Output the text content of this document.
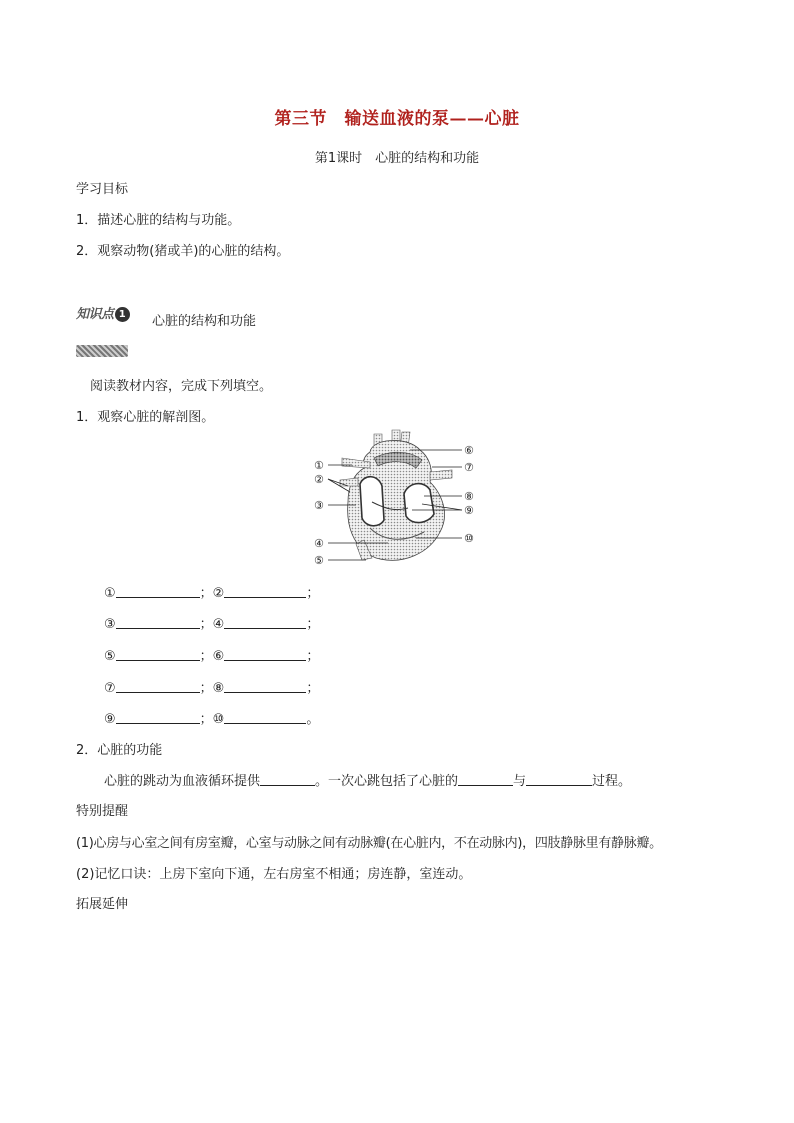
第三节　输送血液的泵——心脏
第1课时　心脏的结构和功能
学习目标
1．描述心脏的结构与功能。
2．观察动物(猪或羊)的心脏的结构。
知识点 1	心脏的结构和功能
阅读教材内容，完成下列填空。
1．观察心脏的解剖图。
①
②
③
④
⑤
⑥
⑦
⑧
⑨
⑩
①	；②	；
③	；④	；
⑤	；⑥	；
⑦	；⑧	；
⑨	；⑩	。
2．心脏的功能
心脏的跳动为血液循环提供	。一次心跳包括了心脏的	与	过程。
特别提醒
(1)心房与心室之间有房室瓣，心室与动脉之间有动脉瓣(在心脏内，不在动脉内)，四肢静脉里有静脉瓣。
(2)记忆口诀：上房下室向下通，左右房室不相通；房连静，室连动。
拓展延伸
